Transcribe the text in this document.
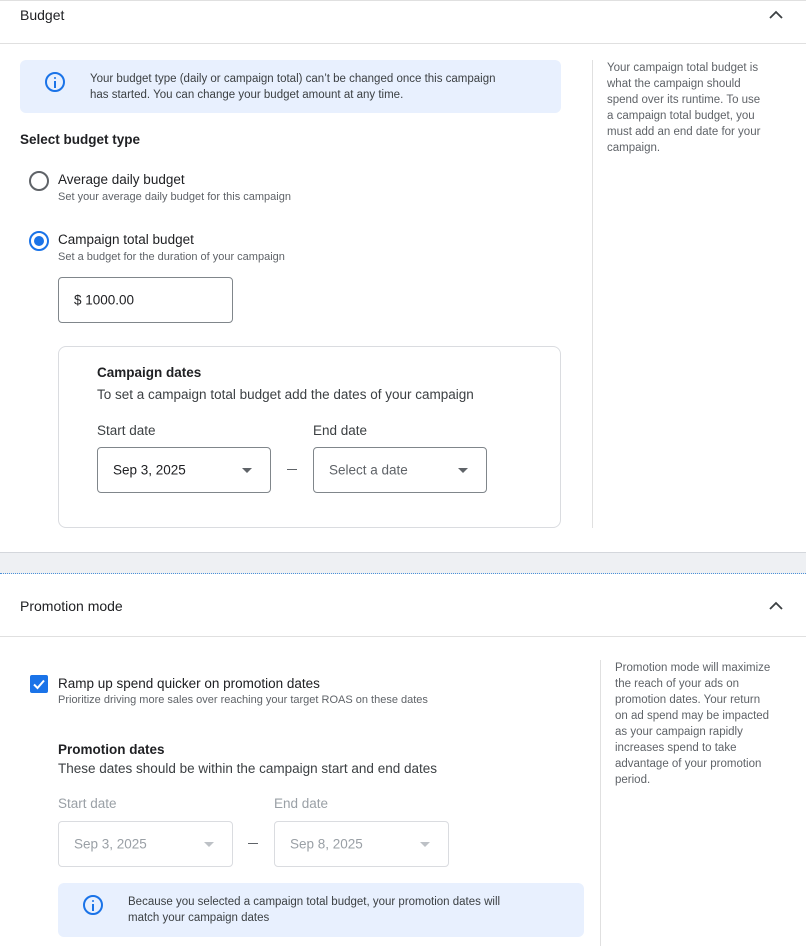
Budget
Your budget type (daily or campaign total) can’t be changed once this campaign
has started. You can change your budget amount at any time.
Select budget type
Average daily budget
Set your average daily budget for this campaign
Campaign total budget
Set a budget for the duration of your campaign
$ 1000.00
Campaign dates
To set a campaign total budget add the dates of your campaign
Start date	End date
Sep 3, 2025	Select a date
Your campaign total budget is
what the campaign should
spend over its runtime. To use
a campaign total budget, you
must add an end date for your
campaign.
Promotion mode
Ramp up spend quicker on promotion dates
Prioritize driving more sales over reaching your target ROAS on these dates
Promotion dates
These dates should be within the campaign start and end dates
Start date	End date
Sep 3, 2025	Sep 8, 2025
Because you selected a campaign total budget, your promotion dates will
match your campaign dates
Promotion mode will maximize
the reach of your ads on
promotion dates. Your return
on ad spend may be impacted
as your campaign rapidly
increases spend to take
advantage of your promotion
period.
